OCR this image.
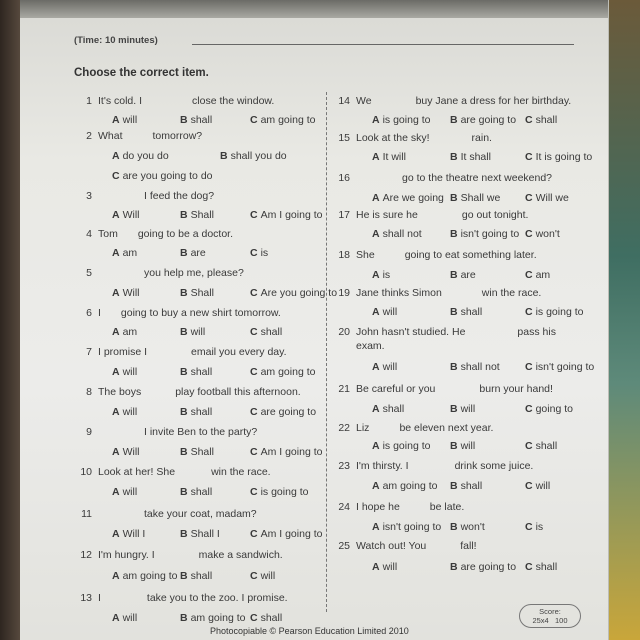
(Time: 10 minutes)
Choose the correct item.
1 It's cold. I	close the window.
A will	B shall	C am going to
2 What	tomorrow?
A do you do	B shall you do
C are you going to do
3	I feed the dog?
A Will	B Shall	C Am I going to
4 Tom going to be a doctor.
A am	B are	C is
5	you help me, please?
A Will	B Shall	C Are you going to
6 I going to buy a new shirt tomorrow.
A am	B will	C shall
7 I promise I	email you every day.
A will	B shall	C am going to
8 The boys	play football this afternoon.
A will	B shall	C are going to
9	I invite Ben to the party?
A Will	B Shall	C Am I going to
10 Look at her! She	win the race.
A will	B shall	C is going to
11	take your coat, madam?
A Will I	B Shall I	C Am I going to
12 I'm hungry. I	make a sandwich.
A am going to B shall	C will
13 I	take you to the zoo. I promise.
A will	B am going to C shall
14 We	buy Jane a dress for her birthday.
A is going to B are going to C shall
15 Look at the sky!	rain.
A It will	B It shall	C It is going to
16	go to the theatre next weekend?
A Are we going B Shall we C Will we
17 He is sure he	go out tonight.
A shall not	B isn't going to C won't
18 She	going to eat something later.
A is	B are	C am
19 Jane thinks Simon	win the race.
A will	B shall	C is going to
20 John hasn't studied. He	pass his
exam.
A will	B shall not C isn't going to
21 Be careful or you	burn your hand!
A shall	B will	C going to
22 Liz	be eleven next year.
A is going to B will	C shall
23 I'm thirsty. I	drink some juice.
A am going to B shall	C will
24 I hope he	be late.
A isn't going to B won't	C is
25 Watch out! You	fall!
A will	B are going to C shall
Score:
25x4 100
Photocopiable © Pearson Education Limited 2010
